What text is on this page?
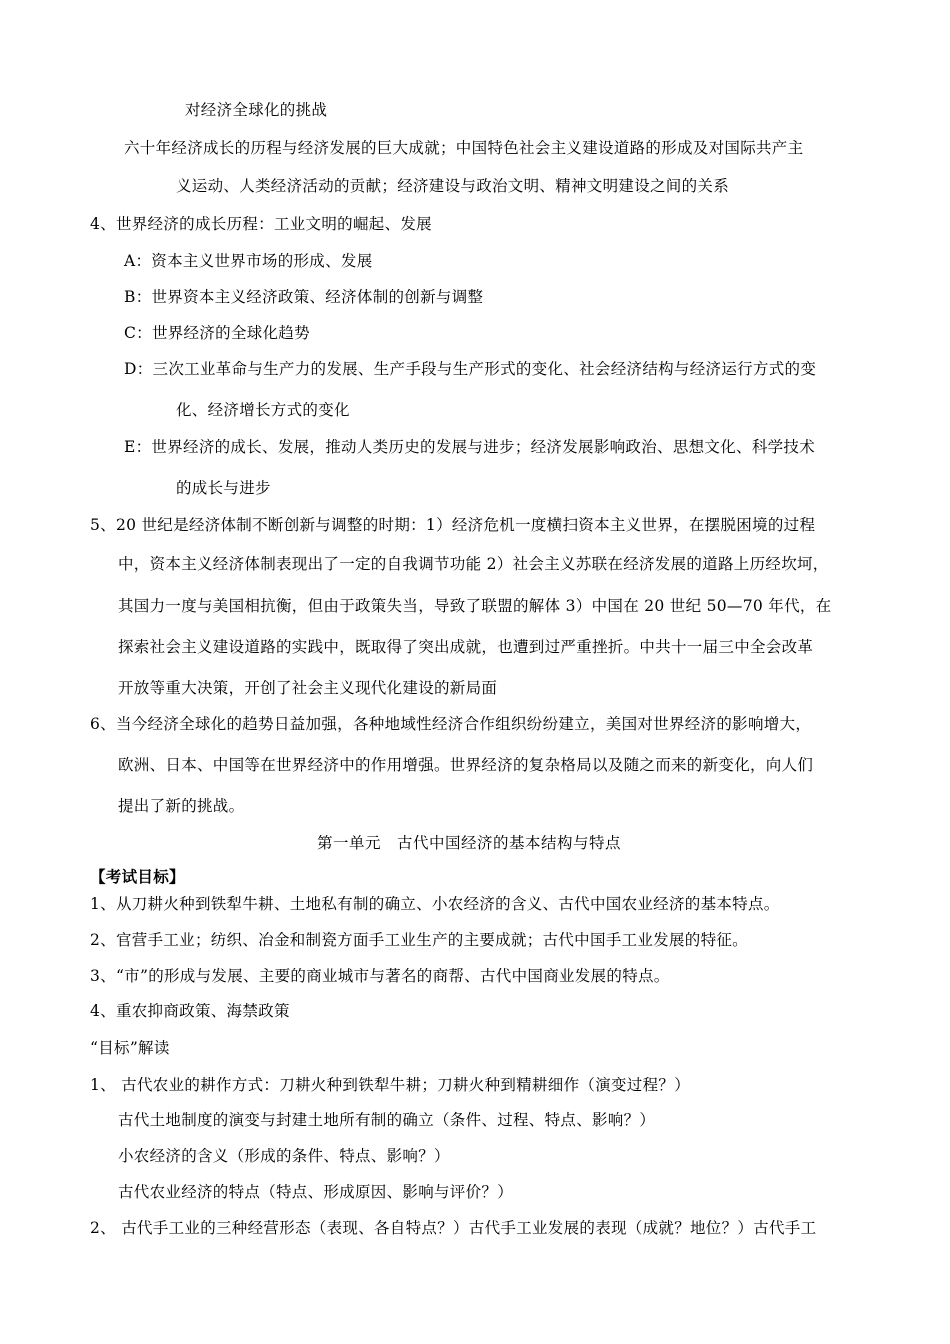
对经济全球化的挑战
六十年经济成长的历程与经济发展的巨大成就；中国特色社会主义建设道路的形成及对国际共产主
义运动、人类经济活动的贡献；经济建设与政治文明、精神文明建设之间的关系
4、世界经济的成长历程：工业文明的崛起、发展
A：资本主义世界市场的形成、发展
B：世界资本主义经济政策、经济体制的创新与调整
C：世界经济的全球化趋势
D：三次工业革命与生产力的发展、生产手段与生产形式的变化、社会经济结构与经济运行方式的变
化、经济增长方式的变化
E：世界经济的成长、发展，推动人类历史的发展与进步；经济发展影响政治、思想文化、科学技术
的成长与进步
5、20 世纪是经济体制不断创新与调整的时期：1）经济危机一度横扫资本主义世界，在摆脱困境的过程
中，资本主义经济体制表现出了一定的自我调节功能 2）社会主义苏联在经济发展的道路上历经坎坷，
其国力一度与美国相抗衡，但由于政策失当，导致了联盟的解体 3）中国在 20 世纪 50—70 年代，在
探索社会主义建设道路的实践中，既取得了突出成就，也遭到过严重挫折。中共十一届三中全会改革
开放等重大决策，开创了社会主义现代化建设的新局面
6、当今经济全球化的趋势日益加强，各种地域性经济合作组织纷纷建立，美国对世界经济的影响增大，
欧洲、日本、中国等在世界经济中的作用增强。世界经济的复杂格局以及随之而来的新变化，向人们
提出了新的挑战。
第一单元　古代中国经济的基本结构与特点
【考试目标】
1、从刀耕火种到铁犁牛耕、土地私有制的确立、小农经济的含义、古代中国农业经济的基本特点。
2、官营手工业；纺织、冶金和制瓷方面手工业生产的主要成就；古代中国手工业发展的特征。
3、“市”的形成与发展、主要的商业城市与著名的商帮、古代中国商业发展的特点。
4、重农抑商政策、海禁政策
“目标”解读
1、 古代农业的耕作方式：刀耕火种到铁犁牛耕；刀耕火种到精耕细作（演变过程？）
古代土地制度的演变与封建土地所有制的确立（条件、过程、特点、影响？）
小农经济的含义（形成的条件、特点、影响？）
古代农业经济的特点（特点、形成原因、影响与评价？）
2、 古代手工业的三种经营形态（表现、各自特点？）古代手工业发展的表现（成就？地位？）古代手工
